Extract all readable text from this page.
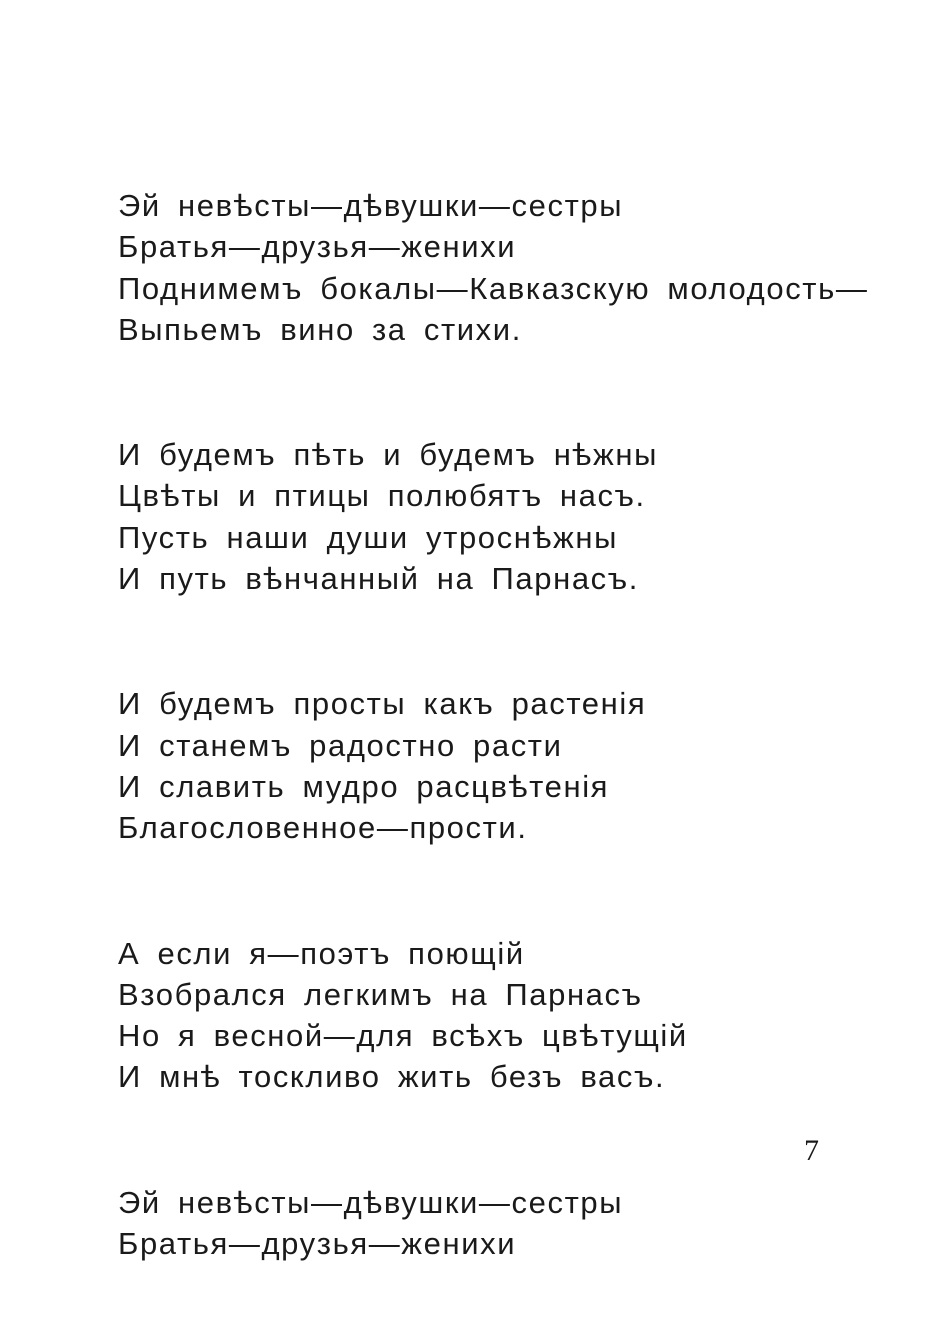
Эй невѣсты—дѣвушки—сестры
Братья—друзья—женихи
Поднимемъ бокалы—Кавказскую молодость—
Выпьемъ вино за стихи.
И будемъ пѣть и будемъ нѣжны
Цвѣты и птицы полюбятъ насъ.
Пусть наши души утроснѣжны
И путь вѣнчанный на Парнасъ.
И будемъ просты какъ растенія
И станемъ радостно расти
И славить мудро расцвѣтенія
Благословенное—прости.
А если я—поэтъ поющій
Взобрался легкимъ на Парнасъ
Но я весной—для всѣхъ цвѣтущій
И мнѣ тоскливо жить безъ васъ.
Эй невѣсты—дѣвушки—сестры
Братья—друзья—женихи
7
